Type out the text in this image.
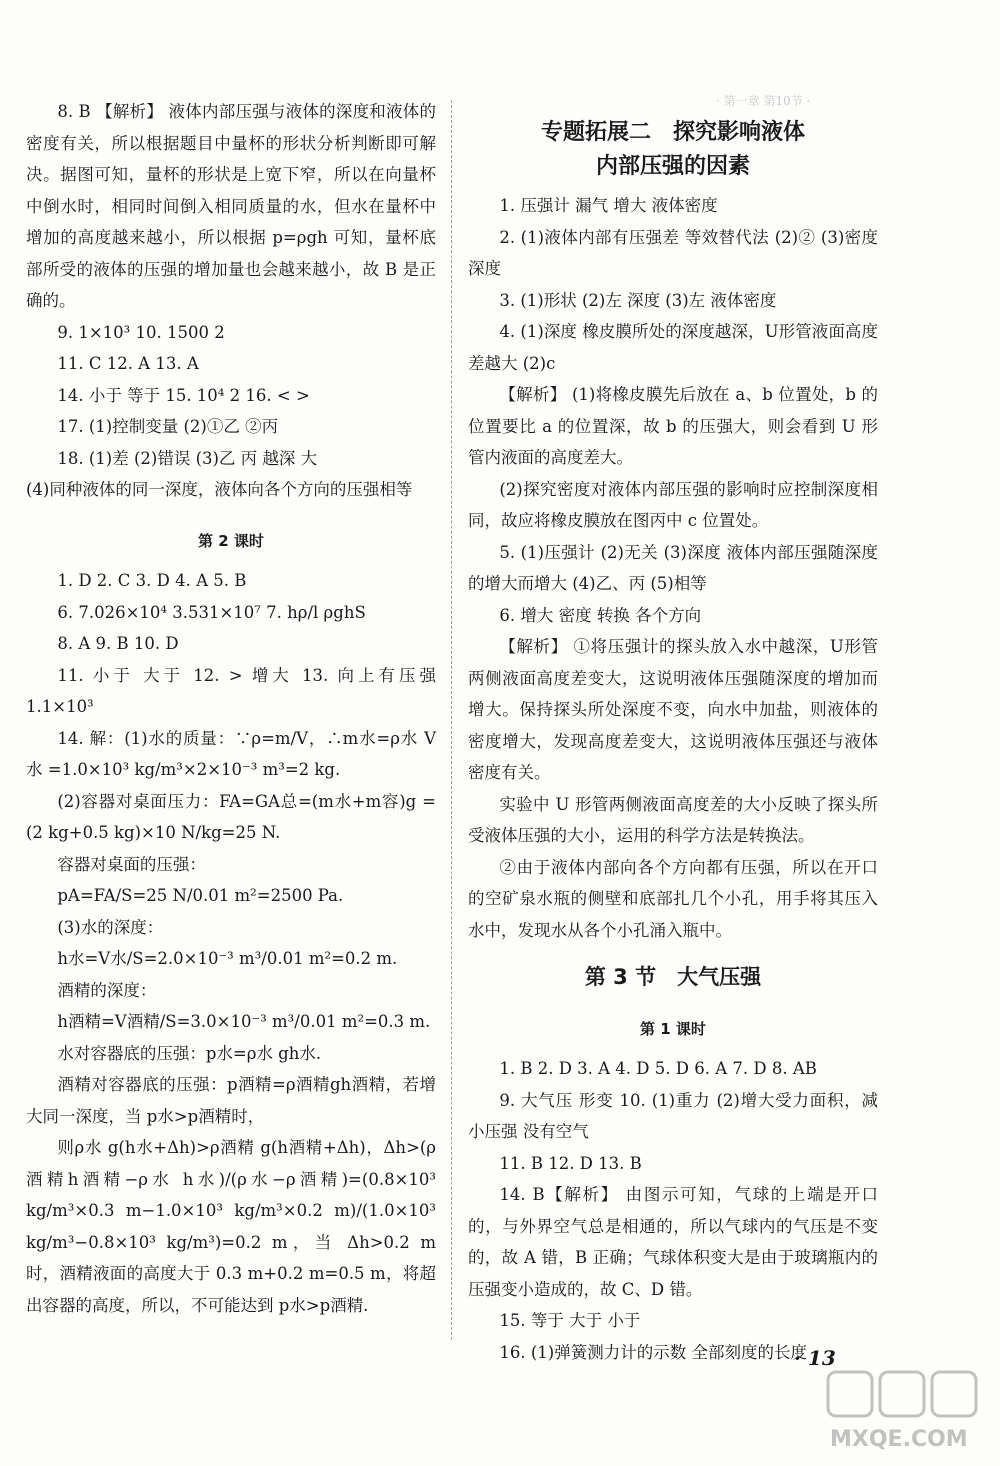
· 第一章 第10节 ·

8. B 【解析】 液体内部压强与液体的深度和液体的密度有关，所以根据题目中量杯的形状分析判断即可解决。据图可知，量杯的形状是上宽下窄，所以在向量杯中倒水时，相同时间倒入相同质量的水，但水在量杯中增加的高度越来越小，所以根据 p=ρgh 可知，量杯底部所受的液体的压强的增加量也会越来越小，故 B 是正确的。

9. 1×10³ 10. 1500 2

11. C 12. A 13. A

14. 小于 等于 15. 10⁴ 2 16. < >

17. (1)控制变量 (2)①乙 ②丙

18. (1)差 (2)错误 (3)乙 丙 越深 大

(4)同种液体的同一深度，液体向各个方向的压强相等

第 2 课时

1. D 2. C 3. D 4. A 5. B

6. 7.026×10⁴ 3.531×10⁷ 7. hρ/l ρghS

8. A 9. B 10. D

11. 小于 大于 12. > 增大 13. 向上有压强 1.1×10³

14. 解：(1)水的质量：∵ρ=m/V，∴m水=ρ水 V水 =1.0×10³ kg/m³×2×10⁻³ m³=2 kg.

(2)容器对桌面压力：FA=GA总=(m水+m容)g =(2 kg+0.5 kg)×10 N/kg=25 N.

容器对桌面的压强：

pA=FA/S=25 N/0.01 m²=2500 Pa.

(3)水的深度：

h水=V水/S=2.0×10⁻³ m³/0.01 m²=0.2 m.

酒精的深度：

h酒精=V酒精/S=3.0×10⁻³ m³/0.01 m²=0.3 m.

水对容器底的压强：p水=ρ水 gh水.

酒精对容器底的压强：p酒精=ρ酒精gh酒精，若增大同一深度，当 p水>p酒精时，

则ρ水 g(h水+Δh)>ρ酒精 g(h酒精+Δh)，Δh>(ρ酒精h酒精−ρ水 h水)/(ρ水−ρ酒精)=(0.8×10³ kg/m³×0.3 m−1.0×10³ kg/m³×0.2 m)/(1.0×10³ kg/m³−0.8×10³ kg/m³)=0.2 m，当 Δh>0.2 m 时，酒精液面的高度大于 0.3 m+0.2 m=0.5 m，将超出容器的高度，所以，不可能达到 p水>p酒精.

专题拓展二　探究影响液体
内部压强的因素

1. 压强计 漏气 增大 液体密度

2. (1)液体内部有压强差 等效替代法 (2)② (3)密度 深度

3. (1)形状 (2)左 深度 (3)左 液体密度

4. (1)深度 橡皮膜所处的深度越深，U形管液面高度差越大 (2)c

【解析】 (1)将橡皮膜先后放在 a、b 位置处，b 的位置要比 a 的位置深，故 b 的压强大，则会看到 U 形管内液面的高度差大。

(2)探究密度对液体内部压强的影响时应控制深度相同，故应将橡皮膜放在图丙中 c 位置处。

5. (1)压强计 (2)无关 (3)深度 液体内部压强随深度的增大而增大 (4)乙、丙 (5)相等

6. 增大 密度 转换 各个方向

【解析】 ①将压强计的探头放入水中越深，U形管两侧液面高度差变大，这说明液体压强随深度的增加而增大。保持探头所处深度不变，向水中加盐，则液体的密度增大，发现高度差变大，这说明液体压强还与液体密度有关。

实验中 U 形管两侧液面高度差的大小反映了探头所受液体压强的大小，运用的科学方法是转换法。

②由于液体内部向各个方向都有压强，所以在开口的空矿泉水瓶的侧壁和底部扎几个小孔，用手将其压入水中，发现水从各个小孔涌入瓶中。

第 3 节　大气压强
第 1 课时

1. B 2. D 3. A 4. D 5. D 6. A 7. D 8. AB

9. 大气压 形变 10. (1)重力 (2)增大受力面积，减小压强 没有空气

11. B 12. D 13. B

14. B【解析】 由图示可知，气球的上端是开口的，与外界空气总是相通的，所以气球内的气压是不变的，故 A 错，B 正确；气球体积变大是由于玻璃瓶内的压强变小造成的，故 C、D 错。

15. 等于 大于 小于

16. (1)弹簧测力计的示数 全部刻度的长度

· 13
MXQE.COM
